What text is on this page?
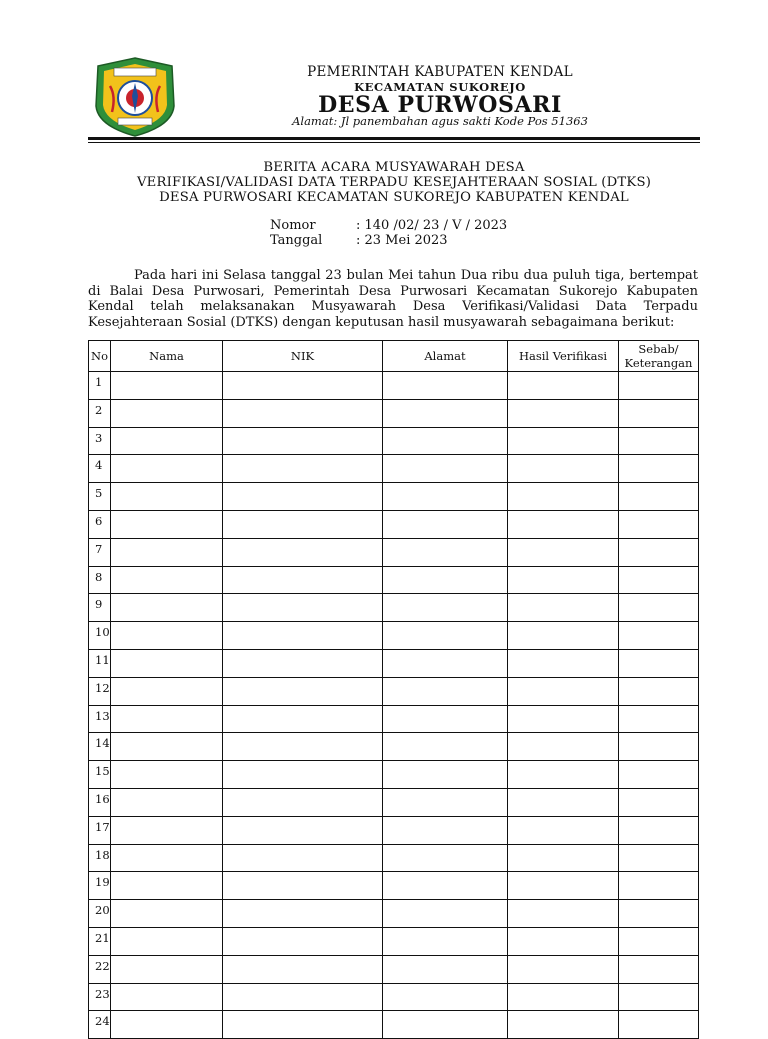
PEMERINTAH KABUPATEN KENDAL
KECAMATAN SUKOREJO
DESA PURWOSARI
Alamat: Jl panembahan agus sakti Kode Pos 51363
BERITA ACARA MUSYAWARAH DESA
VERIFIKASI/VALIDASI DATA TERPADU KESEJAHTERAAN SOSIAL (DTKS)
DESA PURWOSARI KECAMATAN SUKOREJO KABUPATEN KENDAL
Nomor	: 140 /02/ 23 / V / 2023
Tanggal	: 23 Mei 2023
Pada hari ini Selasa tanggal 23 bulan Mei tahun Dua ribu dua puluh tiga, bertempat di Balai Desa Purwosari, Pemerintah Desa Purwosari Kecamatan Sukorejo Kabupaten Kendal telah melaksanakan Musyawarah Desa Verifikasi/Validasi Data Terpadu Kesejahteraan Sosial (DTKS) dengan keputusan hasil musyawarah sebagaimana berikut:
No	Nama	NIK	Alamat	Hasil Verifikasi	Sebab/
Keterangan
1					
2					
3					
4					
5					
6					
7					
8					
9					
10					
11					
12					
13					
14					
15					
16					
17					
18					
19					
20					
21					
22					
23					
24					
